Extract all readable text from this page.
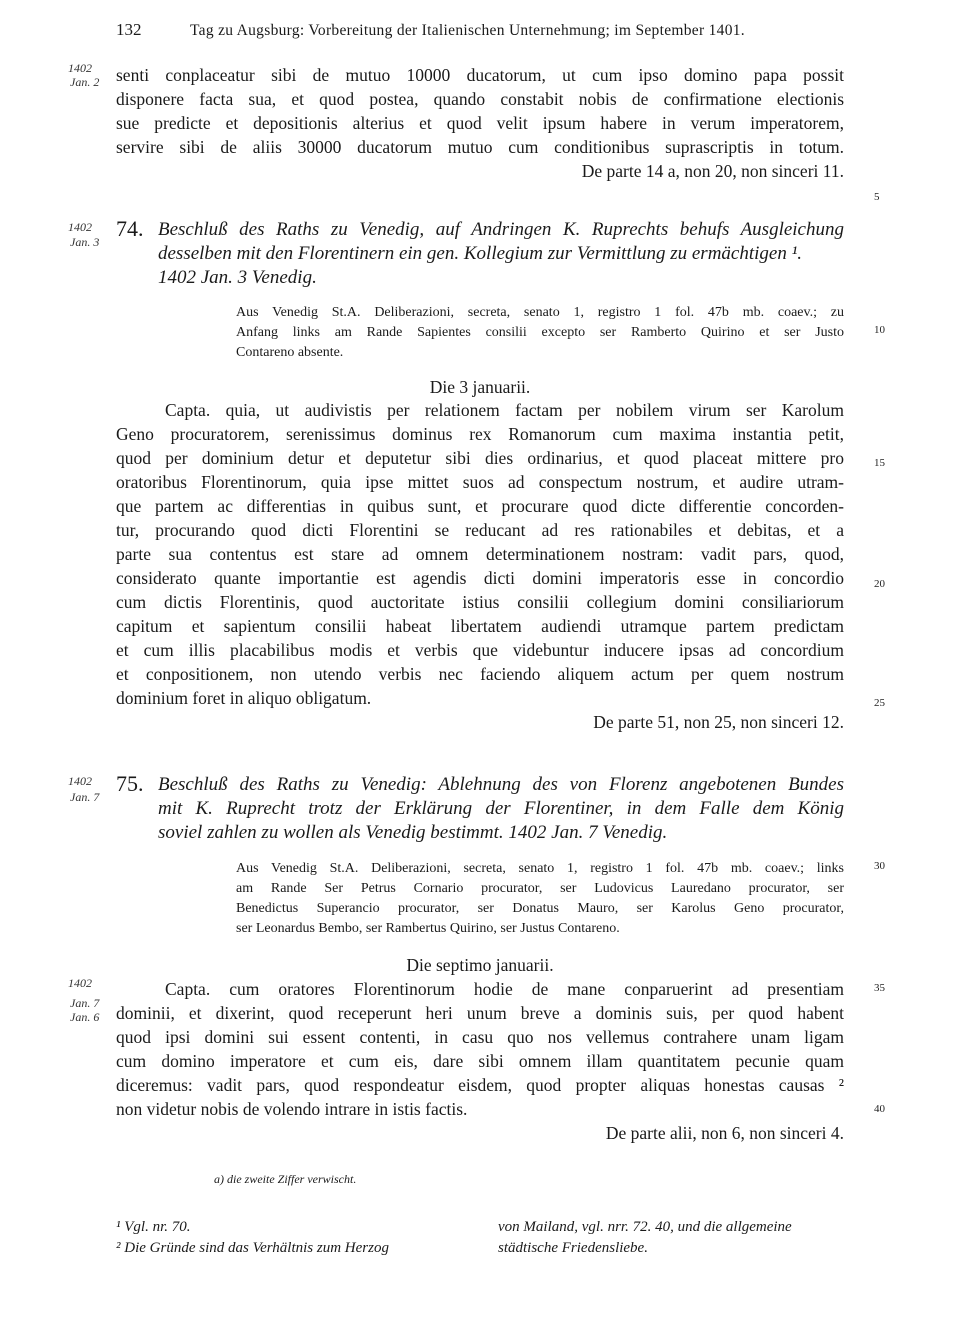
132	Tag zu Augsburg: Vorbereitung der Italienischen Unternehmung; im September 1401.
1402
Jan. 2
1402
Jan. 3
1402
Jan. 7
1402
Jan. 7
Jan. 6
5
10
15
20
25
30
35
40
senti conplaceatur sibi de mutuo 10000 ducatorum, ut cum ipso domino papa possit
disponere facta sua, et quod postea, quando constabit nobis de confirmatione electionis
sue predicte et depositionis alterius et quod velit ipsum habere in verum imperatorem,
servire sibi de aliis 30000 ducatorum mutuo cum conditionibus suprascriptis in totum.
De parte 14 a, non 20, non sinceri 11.
74. Beschluß des Raths zu Venedig, auf Andringen K. Ruprechts behufs Ausgleichung
desselben mit den Florentinern ein gen. Kollegium zur Vermittlung zu ermächtigen ¹.
1402 Jan. 3 Venedig.
Aus Venedig St.A. Deliberazioni, secreta, senato 1, registro 1 fol. 47b mb. coaev.; zu
Anfang links am Rande Sapientes consilii excepto ser Ramberto Quirino et ser Justo
Contareno absente.
Die 3 januarii.
Capta. quia, ut audivistis per relationem factam per nobilem virum ser Karolum
Geno procuratorem, serenissimus dominus rex Romanorum cum maxima instantia petit,
quod per dominium detur et deputetur sibi dies ordinarius, et quod placeat mittere pro
oratoribus Florentinorum, quia ipse mittet suos ad conspectum nostrum, et audire utram-
que partem ac differentias in quibus sunt, et procurare quod dicte differentie concorden-
tur, procurando quod dicti Florentini se reducant ad res rationabiles et debitas, et a
parte sua contentus est stare ad omnem determinationem nostram: vadit pars, quod,
considerato quante importantie est agendis dicti domini imperatoris esse in concordio
cum dictis Florentinis, quod auctoritate istius consilii collegium domini consiliariorum
capitum et sapientum consilii habeat libertatem audiendi utramque partem predictam
et cum illis placabilibus modis et verbis que videbuntur inducere ipsas ad concordium
et conpositionem, non utendo verbis nec faciendo aliquem actum per quem nostrum
dominium foret in aliquo obligatum.
De parte 51, non 25, non sinceri 12.
75. Beschluß des Raths zu Venedig: Ablehnung des von Florenz angebotenen Bundes
mit K. Ruprecht trotz der Erklärung der Florentiner, in dem Falle dem König
soviel zahlen zu wollen als Venedig bestimmt. 1402 Jan. 7 Venedig.
Aus Venedig St.A. Deliberazioni, secreta, senato 1, registro 1 fol. 47b mb. coaev.; links
am Rande Ser Petrus Cornario procurator, ser Ludovicus Lauredano procurator, ser
Benedictus Superancio procurator, ser Donatus Mauro, ser Karolus Geno procurator,
ser Leonardus Bembo, ser Rambertus Quirino, ser Justus Contareno.
Die septimo januarii.
Capta. cum oratores Florentinorum hodie de mane conparuerint ad presentiam
dominii, et dixerint, quod receperunt heri unum breve a dominis suis, per quod habent
quod ipsi domini sui essent contenti, in casu quo nos vellemus contrahere unam ligam
cum domino imperatore et cum eis, dare sibi omnem illam quantitatem pecunie quam
diceremus: vadit pars, quod respondeatur eisdem, quod propter aliquas honestas causas ²
non videtur nobis de volendo intrare in istis factis.
De parte alii, non 6, non sinceri 4.
a) die zweite Ziffer verwischt.
¹ Vgl. nr. 70.
² Die Gründe sind das Verhältnis zum Herzog
von Mailand, vgl. nrr. 72. 40, und die allgemeine
städtische Friedensliebe.
